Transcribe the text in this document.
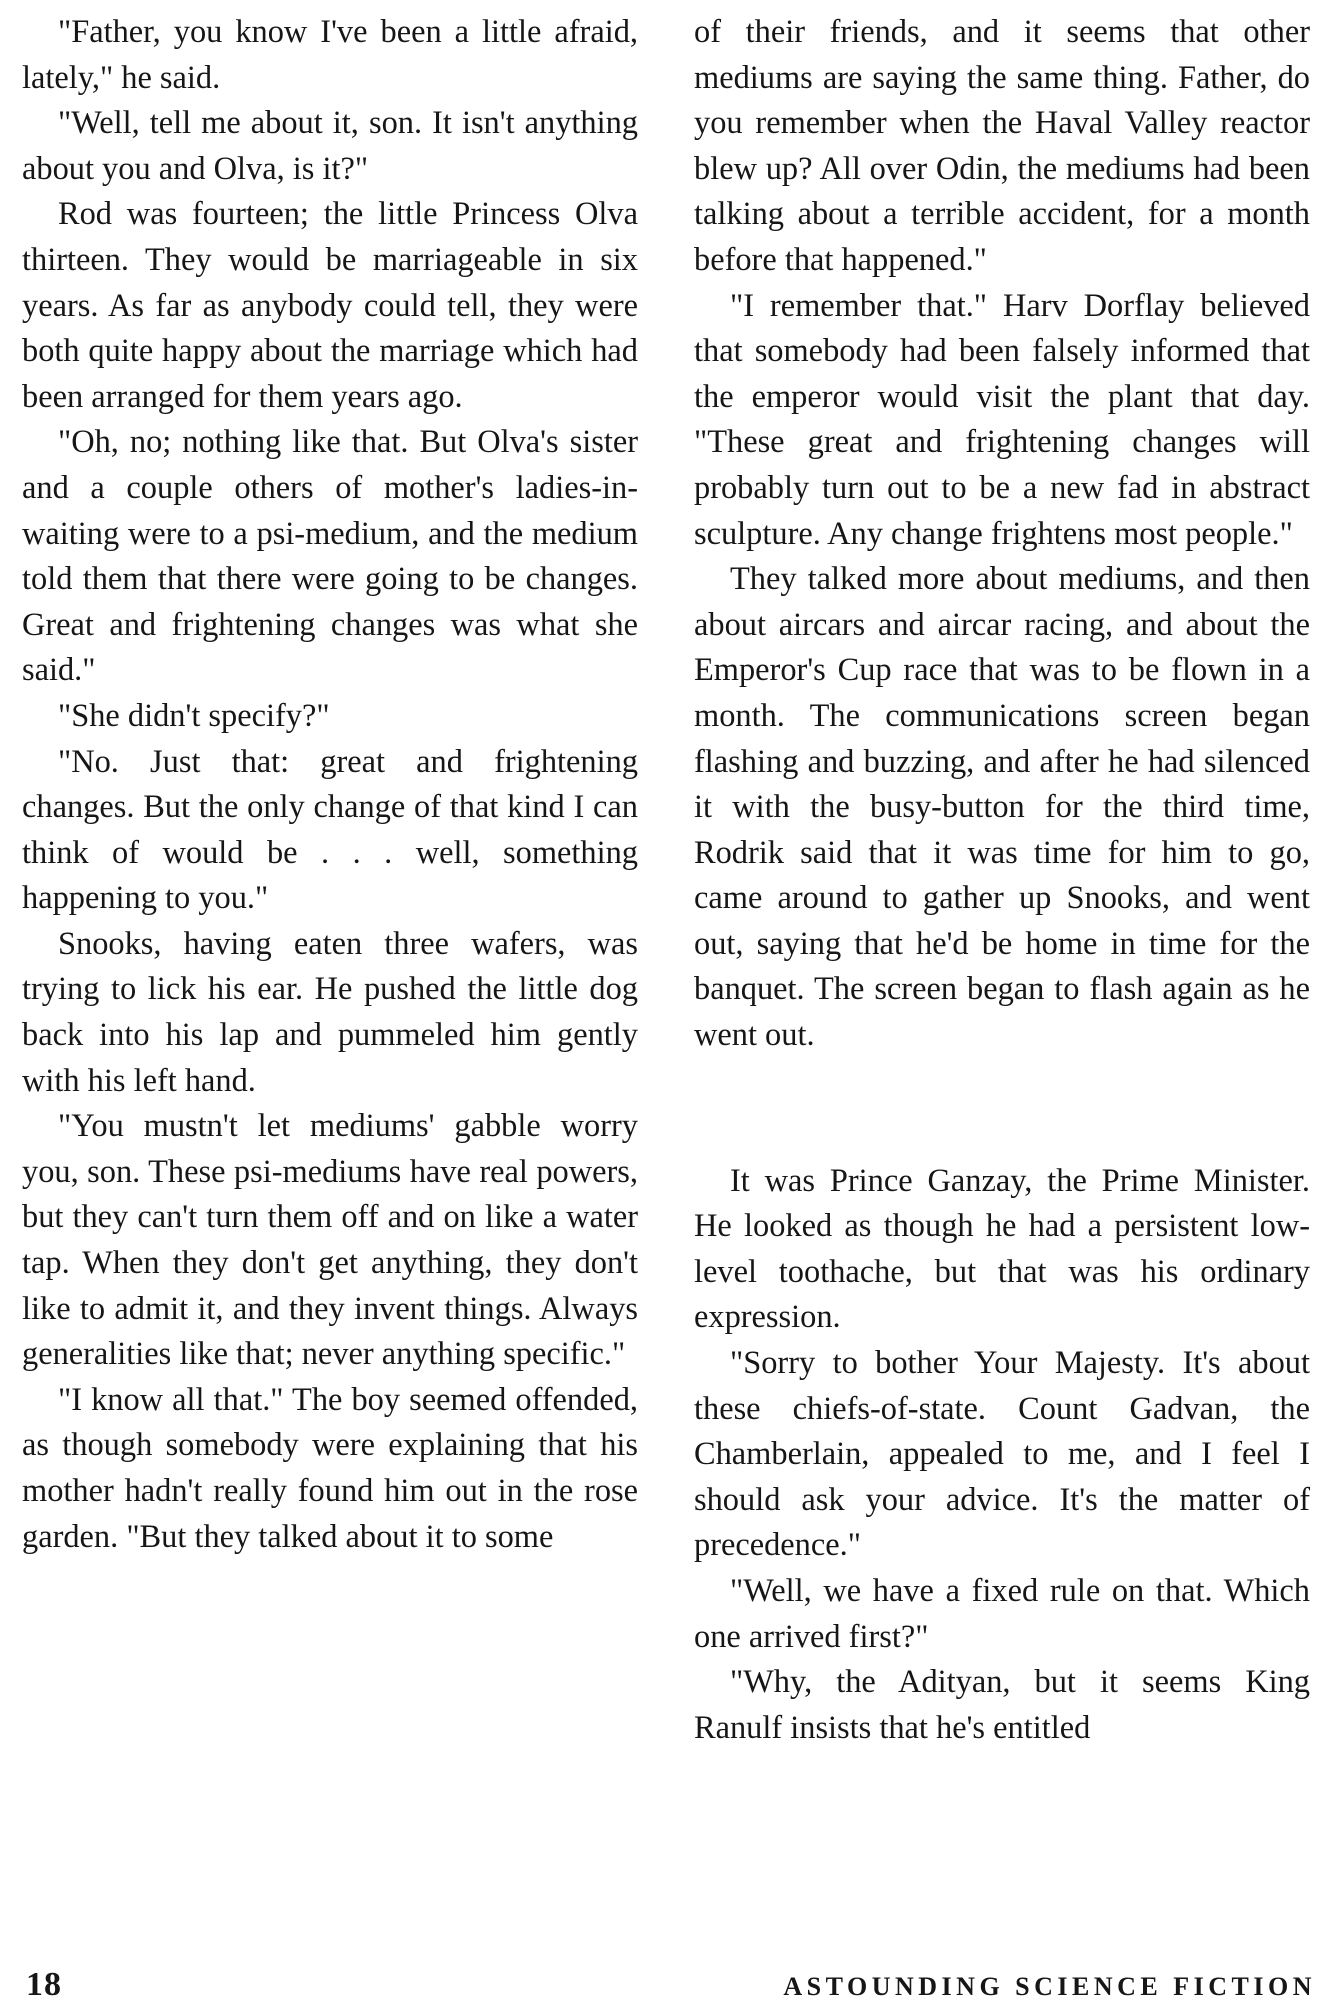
"Father, you know I've been a little afraid, lately," he said.

"Well, tell me about it, son. It isn't anything about you and Olva, is it?"

Rod was fourteen; the little Princess Olva thirteen. They would be marriageable in six years. As far as anybody could tell, they were both quite happy about the marriage which had been arranged for them years ago.

"Oh, no; nothing like that. But Olva's sister and a couple others of mother's ladies-in-waiting were to a psi-medium, and the medium told them that there were going to be changes. Great and frightening changes was what she said."

"She didn't specify?"

"No. Just that: great and frightening changes. But the only change of that kind I can think of would be . . . well, something happening to you."

Snooks, having eaten three wafers, was trying to lick his ear. He pushed the little dog back into his lap and pummeled him gently with his left hand.

"You mustn't let mediums' gabble worry you, son. These psi-mediums have real powers, but they can't turn them off and on like a water tap. When they don't get anything, they don't like to admit it, and they invent things. Always generalities like that; never anything specific."

"I know all that." The boy seemed offended, as though somebody were explaining that his mother hadn't really found him out in the rose garden. "But they talked about it to some

of their friends, and it seems that other mediums are saying the same thing. Father, do you remember when the Haval Valley reactor blew up? All over Odin, the mediums had been talking about a terrible accident, for a month before that happened."

"I remember that." Harv Dorflay believed that somebody had been falsely informed that the emperor would visit the plant that day. "These great and frightening changes will probably turn out to be a new fad in abstract sculpture. Any change frightens most people."

They talked more about mediums, and then about aircars and aircar racing, and about the Emperor's Cup race that was to be flown in a month. The communications screen began flashing and buzzing, and after he had silenced it with the busy-button for the third time, Rodrik said that it was time for him to go, came around to gather up Snooks, and went out, saying that he'd be home in time for the banquet. The screen began to flash again as he went out.

It was Prince Ganzay, the Prime Minister. He looked as though he had a persistent low-level toothache, but that was his ordinary expression.

"Sorry to bother Your Majesty. It's about these chiefs-of-state. Count Gadvan, the Chamberlain, appealed to me, and I feel I should ask your advice. It's the matter of precedence."

"Well, we have a fixed rule on that. Which one arrived first?"

"Why, the Adityan, but it seems King Ranulf insists that he's entitled

18	ASTOUNDING SCIENCE FICTION
